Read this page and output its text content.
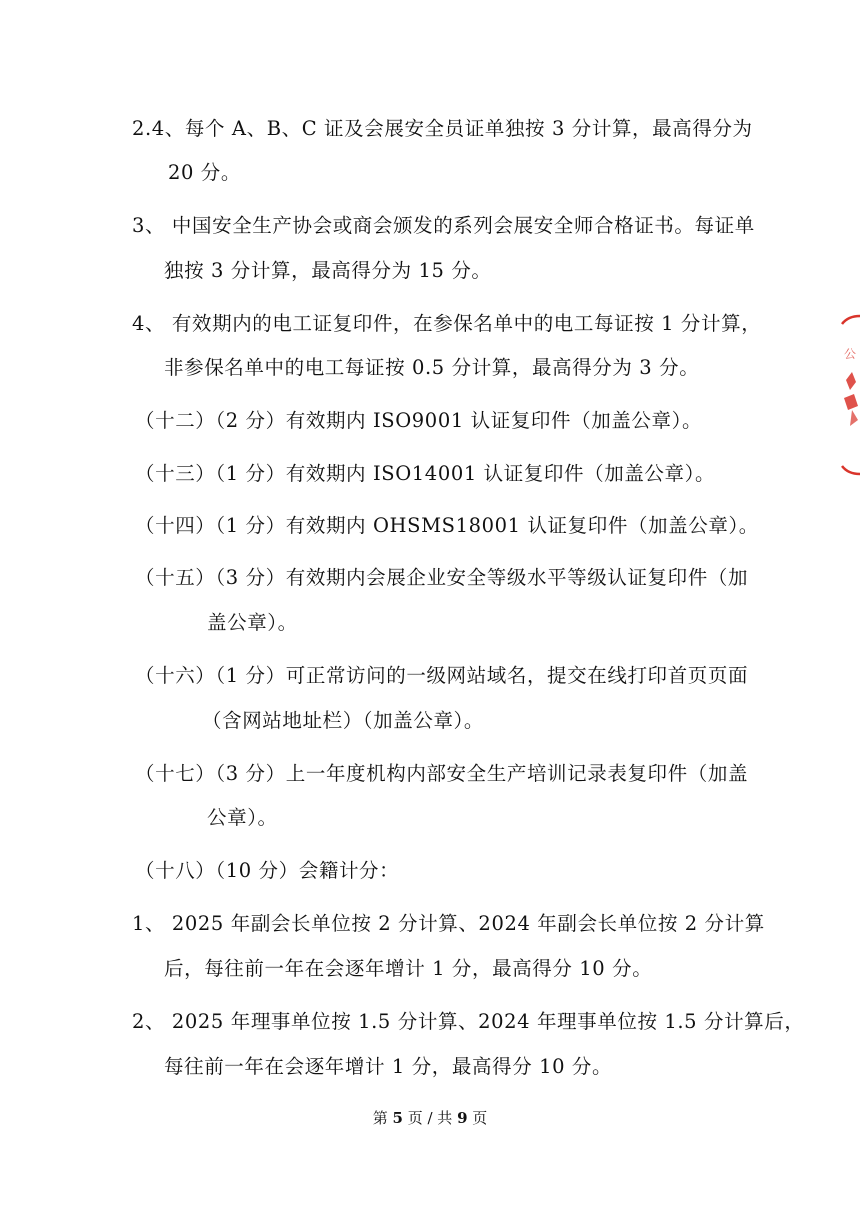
2.4、每个 A、B、C 证及会展安全员证单独按 3 分计算，最高得分为
20 分。
3、 中国安全生产协会或商会颁发的系列会展安全师合格证书。每证单
独按 3 分计算，最高得分为 15 分。
4、 有效期内的电工证复印件，在参保名单中的电工每证按 1 分计算，
非参保名单中的电工每证按 0.5 分计算，最高得分为 3 分。
（十二）（2 分）有效期内 ISO9001 认证复印件（加盖公章）。
（十三）（1 分）有效期内 ISO14001 认证复印件（加盖公章）。
（十四）（1 分）有效期内 OHSMS18001 认证复印件（加盖公章）。
（十五）（3 分）有效期内会展企业安全等级水平等级认证复印件（加
盖公章）。
（十六）（1 分）可正常访问的一级网站域名，提交在线打印首页页面
（含网站地址栏）（加盖公章）。
（十七）（3 分）上一年度机构内部安全生产培训记录表复印件（加盖
公章）。
（十八）（10 分）会籍计分：
1、 2025 年副会长单位按 2 分计算、2024 年副会长单位按 2 分计算
后，每往前一年在会逐年增计 1 分，最高得分 10 分。
2、 2025 年理事单位按 1.5 分计算、2024 年理事单位按 1.5 分计算后，
每往前一年在会逐年增计 1 分，最高得分 10 分。
第 5 页 / 共 9 页
公
